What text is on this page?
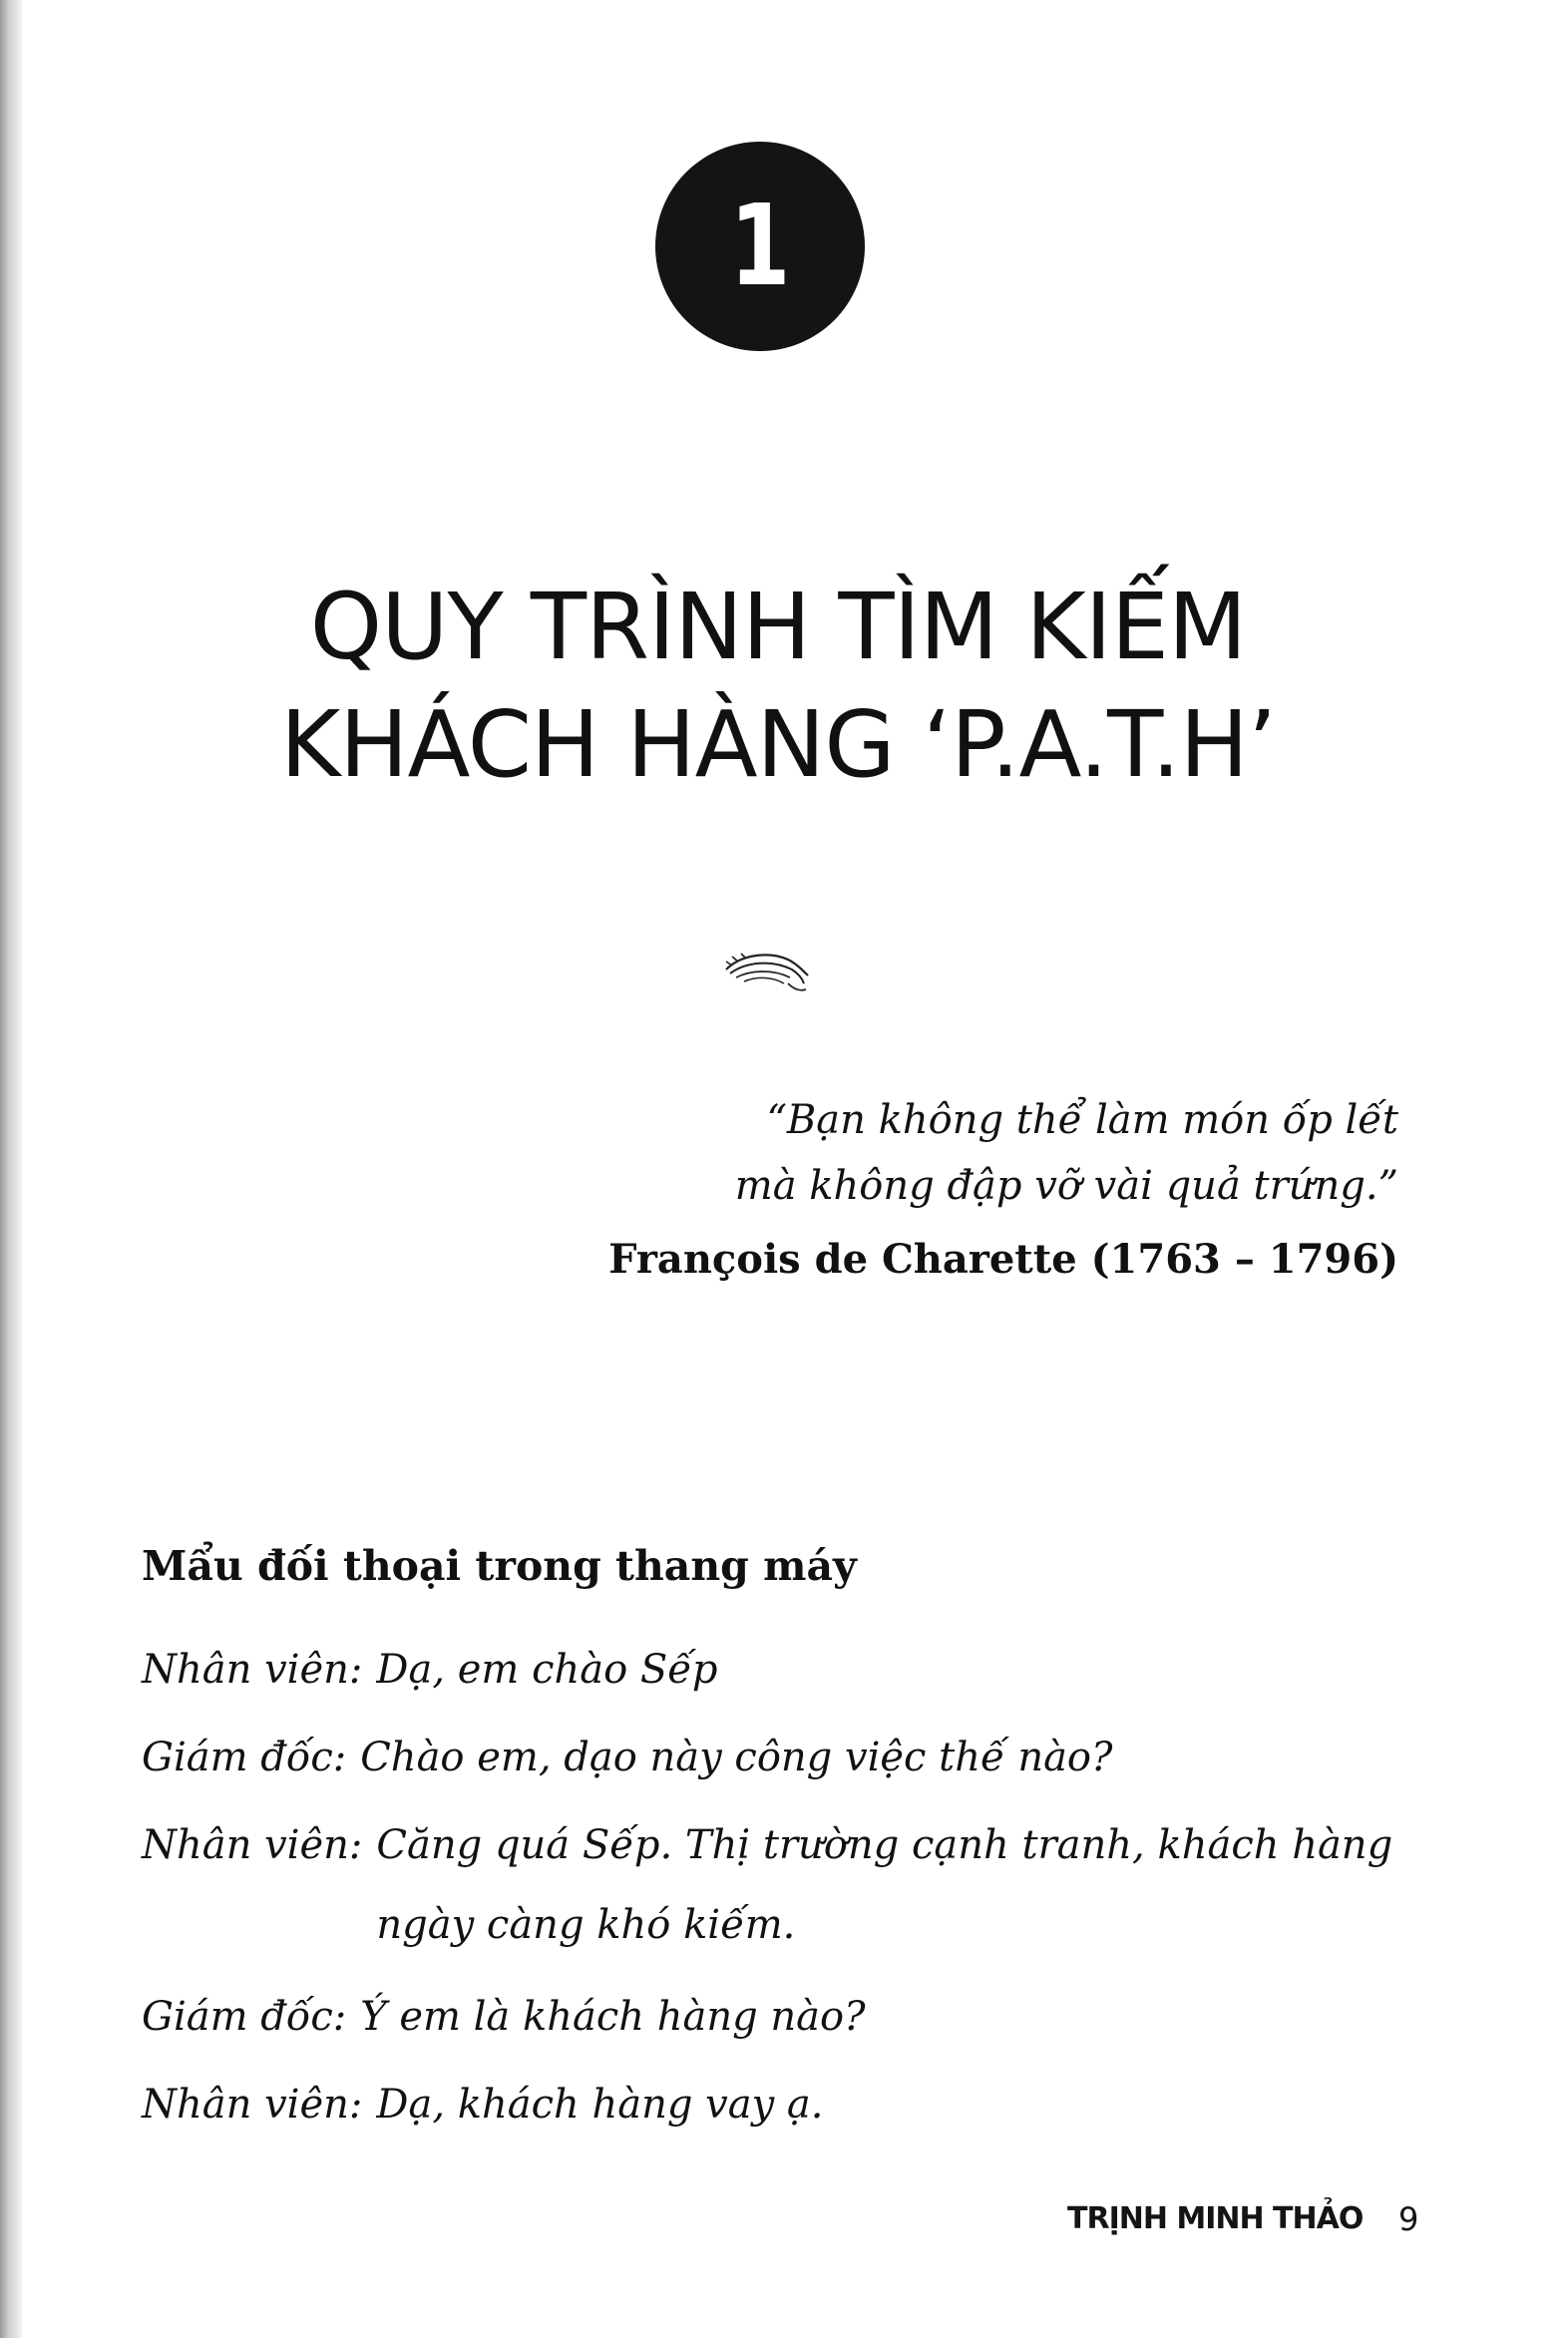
1
QUY TRÌNH TÌM KIẾM
KHÁCH HÀNG ‘P.A.T.H’
“Bạn không thể làm món ốp lết
mà không đập vỡ vài quả trứng.”
François de Charette (1763 – 1796)
Mẩu đối thoại trong thang máy
Nhân viên : Dạ, em chào Sếp
Giám đốc : Chào em, dạo này công việc thế nào?
Nhân viên : Căng quá Sếp. Thị trường cạnh tranh, khách hàng
ngày càng khó kiếm.
Giám đốc : Ý em là khách hàng nào?
Nhân viên : Dạ, khách hàng vay ạ.
TRỊNH MINH THẢO 9
